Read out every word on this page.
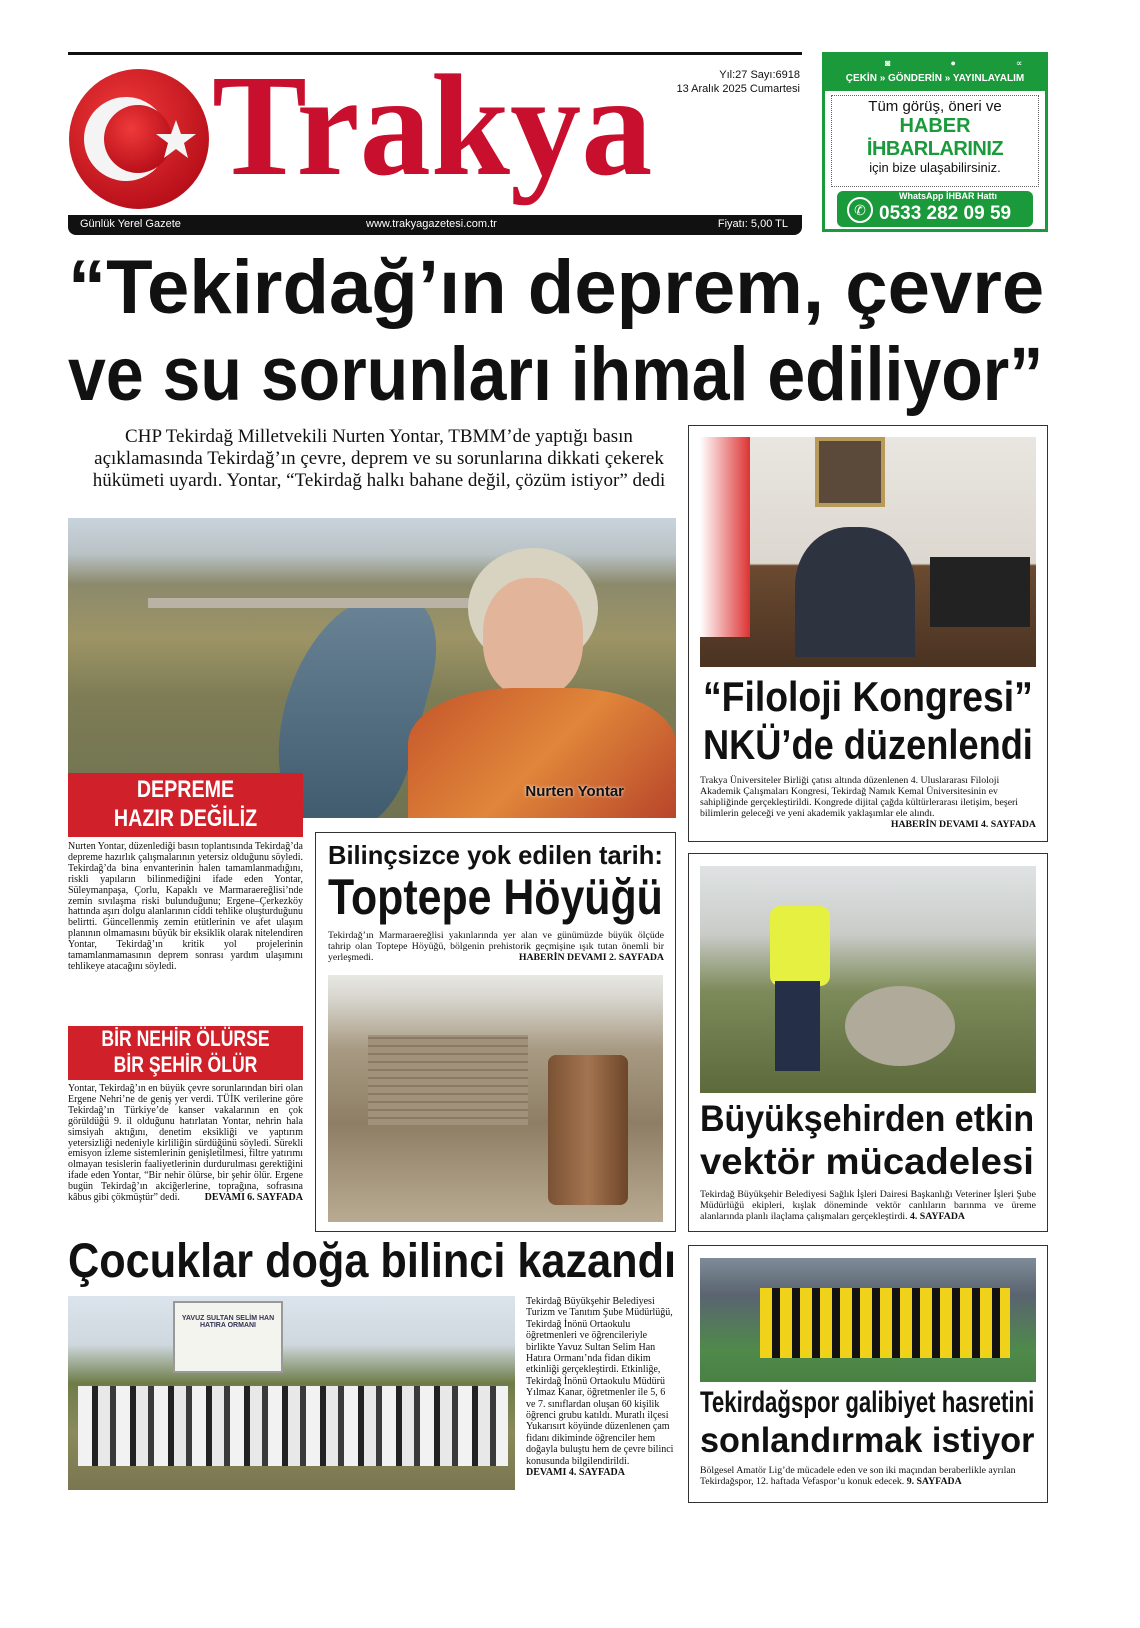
Trakya	Yıl:27 Sayı:6918
13 Aralık 2025 Cumartesi
Günlük Yerel Gazete	www.trakyagazetesi.com.tr	Fiyatı: 5,00 TL
◙●∝
ÇEKİN » GÖNDERİN » YAYINLAYALIM
Tüm görüş, öneri ve
HABER
İHBARLARINIZ
için bize ulaşabilirsiniz.
WhatsApp İHBAR Hattı
✆ 0533 282 09 59
“Tekirdağ’ın deprem, çevre
ve su sorunları ihmal ediliyor”
CHP Tekirdağ Milletvekili Nurten Yontar, TBMM’de yaptığı basın açıklamasında Tekirdağ’ın çevre, deprem ve su sorunlarına dikkati çekerek hükümeti uyardı. Yontar, “Tekirdağ halkı bahane değil, çözüm istiyor” dedi
Nurten Yontar
DEPREME
HAZIR DEĞİLİZ
Nurten Yontar, düzenlediği basın toplantısında Tekirdağ’da depreme hazırlık çalışmalarının yetersiz olduğunu söyledi. Tekirdağ’da bina envanterinin halen tamamlanmadığını, riskli yapıların bilinmediğini ifade eden Yontar, Süleymanpaşa, Çorlu, Kapaklı ve Marmaraereğlisi’nde zemin sıvılaşma riski bulunduğunu; Ergene–Çerkezköy hattında aşırı dolgu alanlarının ciddi tehlike oluşturduğunu belirtti. Güncellenmiş zemin etütlerinin ve afet ulaşım planının olmamasını büyük bir eksiklik olarak nitelendiren Yontar, Tekirdağ’ın kritik yol projelerinin tamamlanmamasının deprem sonrası yardım ulaşımını tehlikeye atacağını söyledi.
BİR NEHİR ÖLÜRSE
BİR ŞEHİR ÖLÜR
Yontar, Tekirdağ’ın en büyük çevre sorunlarından biri olan Ergene Nehri’ne de geniş yer verdi. TÜİK verilerine göre Tekirdağ’ın Türkiye’de kanser vakalarının en çok görüldüğü 9. il olduğunu hatırlatan Yontar, nehrin hala simsiyah aktığını, denetim eksikliği ve yaptırım yetersizliği nedeniyle kirliliğin sürdüğünü söyledi. Sürekli emisyon izleme sistemlerinin genişletilmesi, filtre yatırımı olmayan tesislerin faaliyetlerinin durdurulması gerektiğini ifade eden Yontar, “Bir nehir ölürse, bir şehir ölür. Ergene bugün Tekirdağ’ın akciğerlerine, toprağına, sofrasına kâbus gibi çökmüştür” dedi. DEVAMI 6. SAYFADA
Bilinçsizce yok edilen tarih:
Toptepe Höyüğü
Tekirdağ’ın Marmaraereğlisi yakınlarında yer alan ve günümüzde büyük ölçüde tahrip olan Toptepe Höyüğü, bölgenin prehistorik geçmişine ışık tutan önemli bir yerleşmedi.	HABERİN DEVAMI 2. SAYFADA
“Filoloji Kongresi”
NKÜ’de düzenlendi
Trakya Üniversiteler Birliği çatısı altında düzenlenen 4. Uluslararası Filoloji Akademik Çalışmaları Kongresi, Tekirdağ Namık Kemal Üniversitesinin ev sahipliğinde gerçekleştirildi. Kongrede dijital çağda kültürlerarası iletişim, beşeri bilimlerin geleceği ve yeni akademik yaklaşımlar ele alındı.

HABERİN DEVAMI 4. SAYFADA
Büyükşehirden etkin
vektör mücadelesi
Tekirdağ Büyükşehir Belediyesi Sağlık İşleri Dairesi Başkanlığı Veteriner İşleri Şube Müdürlüğü ekipleri, kışlak döneminde vektör canlıların barınma ve üreme alanlarında planlı ilaçlama çalışmaları gerçekleştirdi. 4. SAYFADA
Çocuklar doğa bilinci kazandı
YAVUZ SULTAN SELİM HAN HATIRA ORMANI
Tekirdağ Büyükşehir Belediyesi Turizm ve Tanıtım Şube Müdürlüğü, Tekirdağ İnönü Ortaokulu öğretmenleri ve öğrencileriyle birlikte Yavuz Sultan Selim Han Hatıra Ormanı’nda fidan dikim etkinliği gerçekleştirdi. Etkinliğe, Tekirdağ İnönü Ortaokulu Müdürü Yılmaz Kanar, öğretmenler ile 5, 6 ve 7. sınıflardan oluşan 60 kişilik öğrenci grubu katıldı. Muratlı ilçesi Yukarısırt köyünde düzenlenen çam fidanı dikiminde öğrenciler hem doğayla buluştu hem de çevre bilinci konusunda bilgilendirildi.
DEVAMI 4. SAYFADA
Tekirdağspor galibiyet hasretini
sonlandırmak istiyor
Bölgesel Amatör Lig’de mücadele eden ve son iki maçından beraberlikle ayrılan Tekirdağspor, 12. haftada Vefaspor’u konuk edecek. 9. SAYFADA
